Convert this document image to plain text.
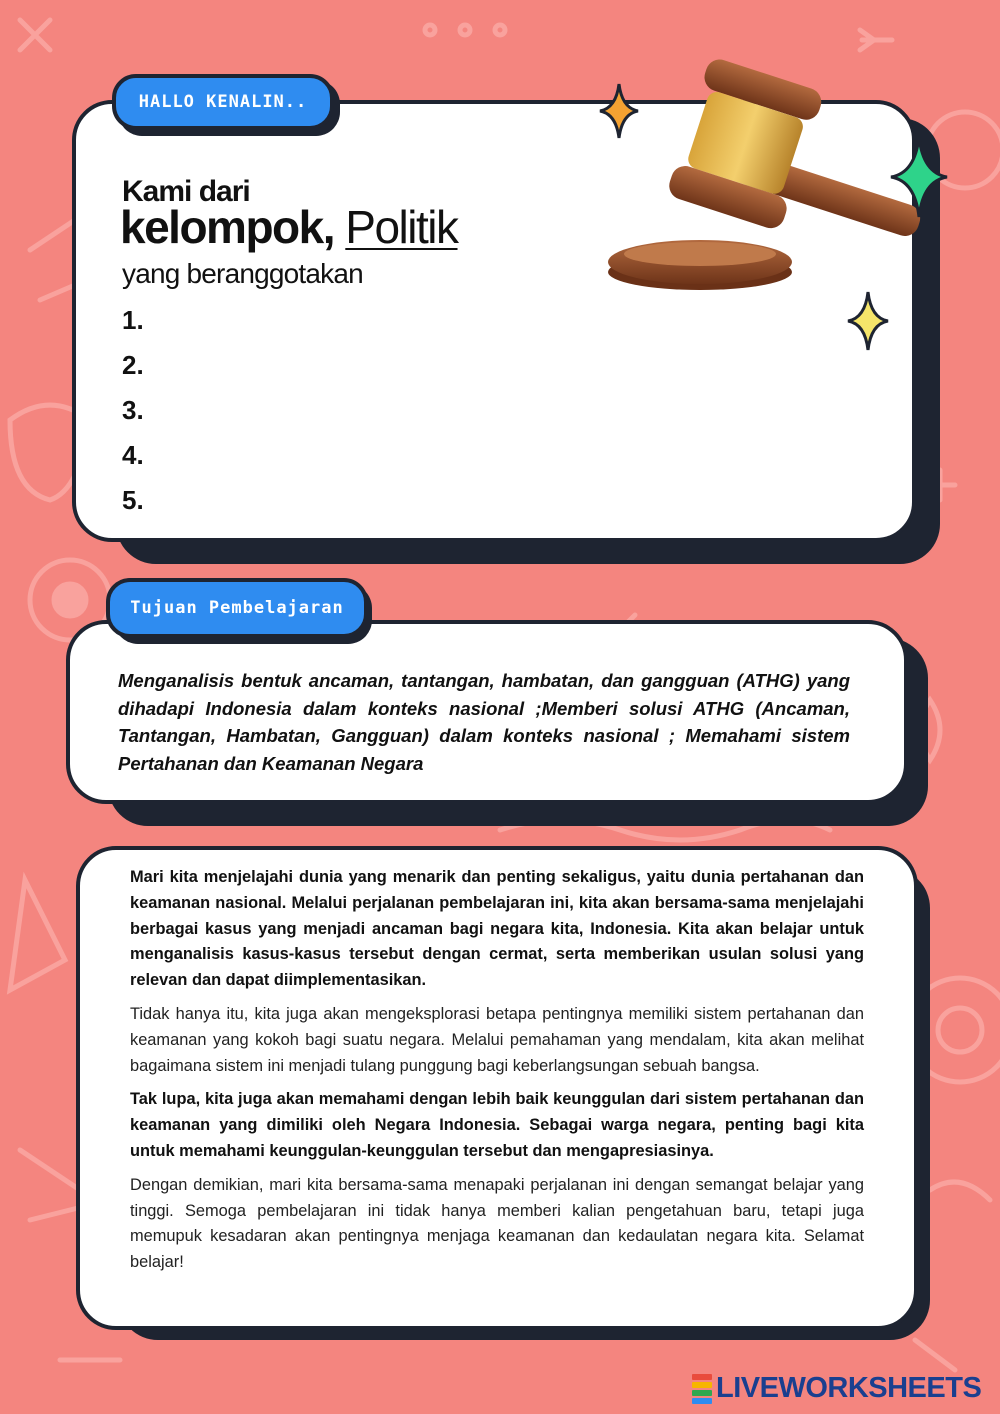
HALLO KENALIN..
Kami dari
kelompok, Politik
yang beranggotakan
1.
2.
3.
4.
5.
Tujuan Pembelajaran
Menganalisis bentuk ancaman, tantangan, hambatan, dan gangguan (ATHG) yang dihadapi Indonesia dalam konteks nasional ;Memberi solusi ATHG (Ancaman, Tantangan, Hambatan, Gangguan) dalam konteks nasional ; Memahami sistem Pertahanan dan Keamanan Negara

Mari kita menjelajahi dunia yang menarik dan penting sekaligus, yaitu dunia pertahanan dan keamanan nasional. Melalui perjalanan pembelajaran ini, kita akan bersama-sama menjelajahi berbagai kasus yang menjadi ancaman bagi negara kita, Indonesia. Kita akan belajar untuk menganalisis kasus-kasus tersebut dengan cermat, serta memberikan usulan solusi yang relevan dan dapat diimplementasikan.

Tidak hanya itu, kita juga akan mengeksplorasi betapa pentingnya memiliki sistem pertahanan dan keamanan yang kokoh bagi suatu negara. Melalui pemahaman yang mendalam, kita akan melihat bagaimana sistem ini menjadi tulang punggung bagi keberlangsungan sebuah bangsa.

Tak lupa, kita juga akan memahami dengan lebih baik keunggulan dari sistem pertahanan dan keamanan yang dimiliki oleh Negara Indonesia. Sebagai warga negara, penting bagi kita untuk memahami keunggulan-keunggulan tersebut dan mengapresiasinya.

Dengan demikian, mari kita bersama-sama menapaki perjalanan ini dengan semangat belajar yang tinggi. Semoga pembelajaran ini tidak hanya memberi kalian pengetahuan baru, tetapi juga memupuk kesadaran akan pentingnya menjaga keamanan dan kedaulatan negara kita. Selamat belajar!

LIVEWORKSHEETS
